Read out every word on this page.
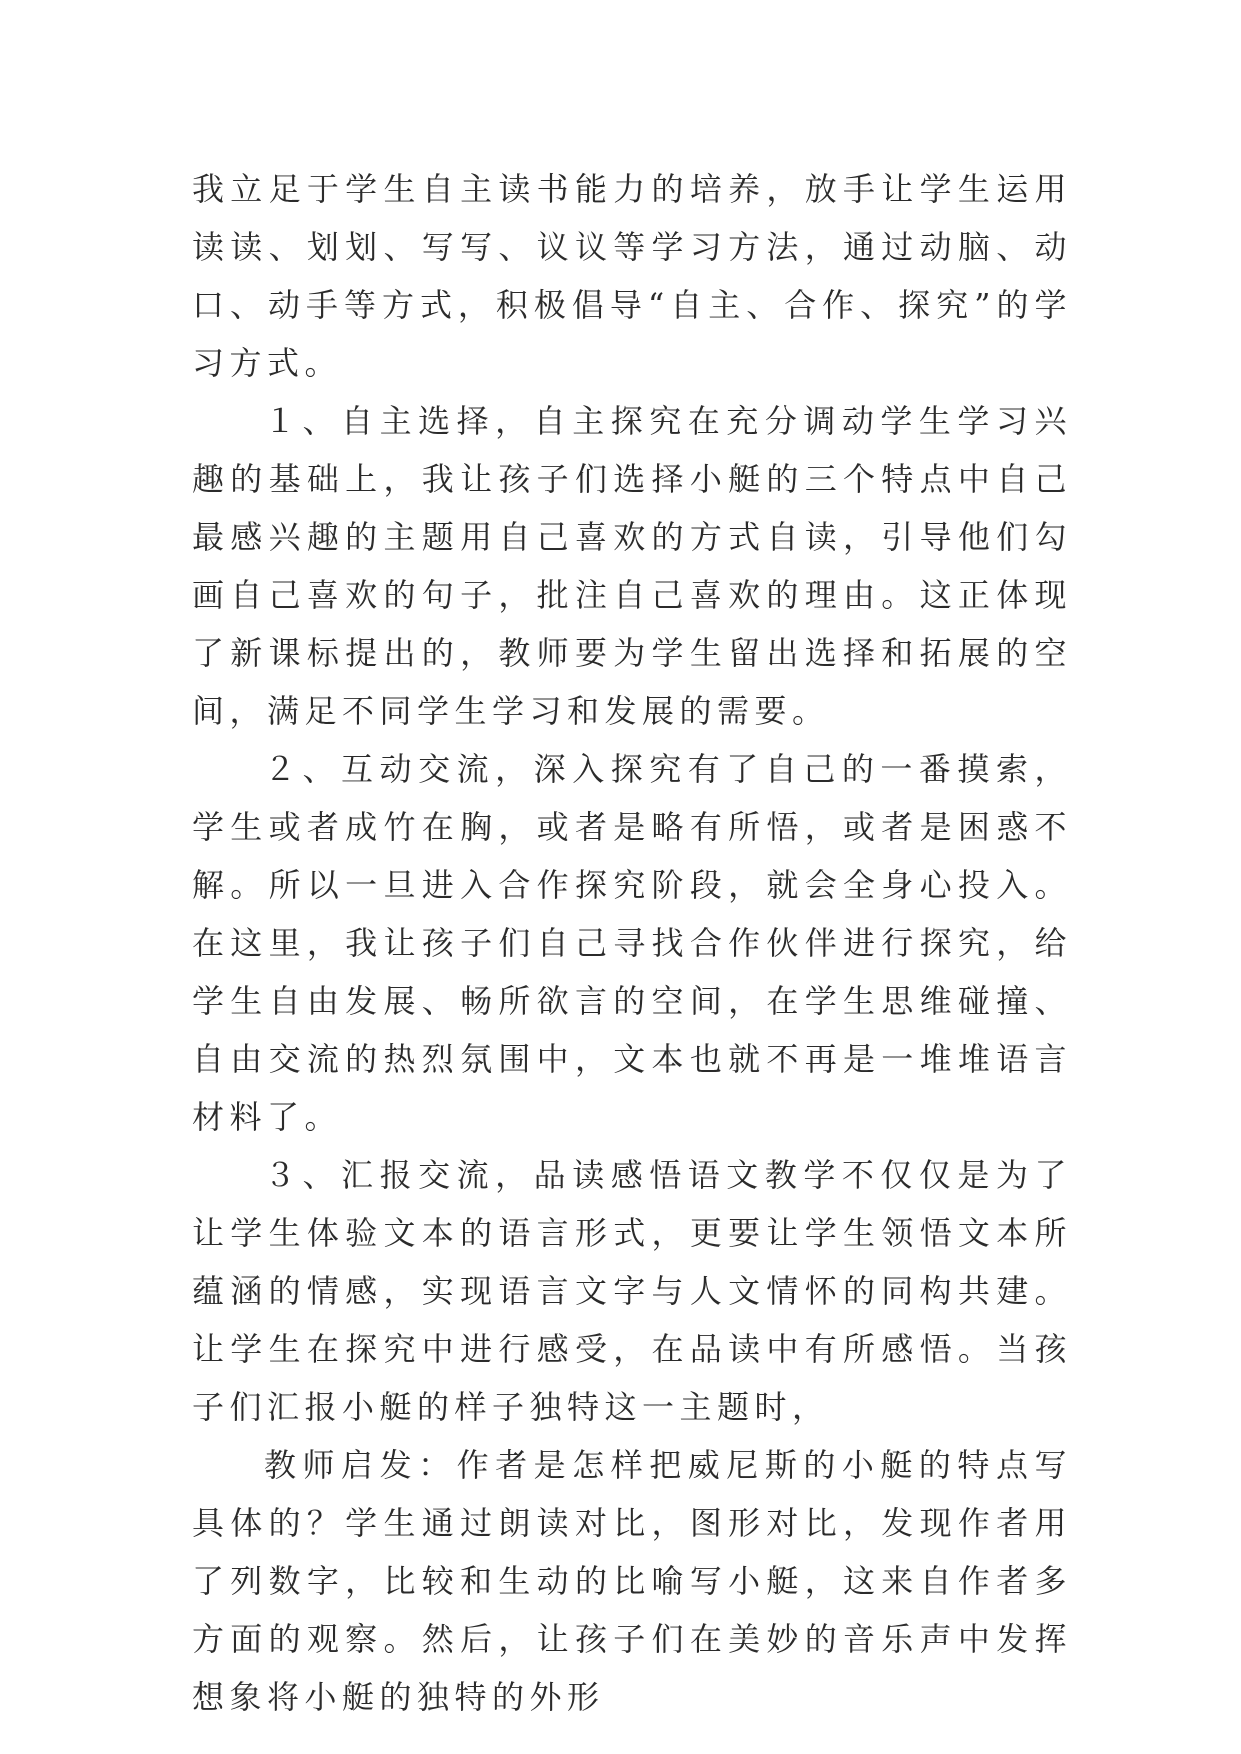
我立足于学生自主读书能力的培养，放手让学生运用读读、划划、写写、议议等学习方法，通过动脑、动口、动手等方式，积极倡导“自主、合作、探究”的学习方式。

１、自主选择，自主探究在充分调动学生学习兴趣的基础上，我让孩子们选择小艇的三个特点中自己最感兴趣的主题用自己喜欢的方式自读，引导他们勾画自己喜欢的句子，批注自己喜欢的理由。这正体现了新课标提出的，教师要为学生留出选择和拓展的空间，满足不同学生学习和发展的需要。

２、互动交流，深入探究有了自己的一番摸索，学生或者成竹在胸，或者是略有所悟，或者是困惑不解。所以一旦进入合作探究阶段，就会全身心投入。在这里，我让孩子们自己寻找合作伙伴进行探究，给学生自由发展、畅所欲言的空间，在学生思维碰撞、自由交流的热烈氛围中，文本也就不再是一堆堆语言材料了。

３、汇报交流，品读感悟语文教学不仅仅是为了让学生体验文本的语言形式，更要让学生领悟文本所蕴涵的情感，实现语言文字与人文情怀的同构共建。让学生在探究中进行感受，在品读中有所感悟。当孩子们汇报小艇的样子独特这一主题时，

教师启发：作者是怎样把威尼斯的小艇的特点写具体的？学生通过朗读对比，图形对比，发现作者用了列数字，比较和生动的比喻写小艇，这来自作者多方面的观察。然后，让孩子们在美妙的音乐声中发挥想象将小艇的独特的外形
